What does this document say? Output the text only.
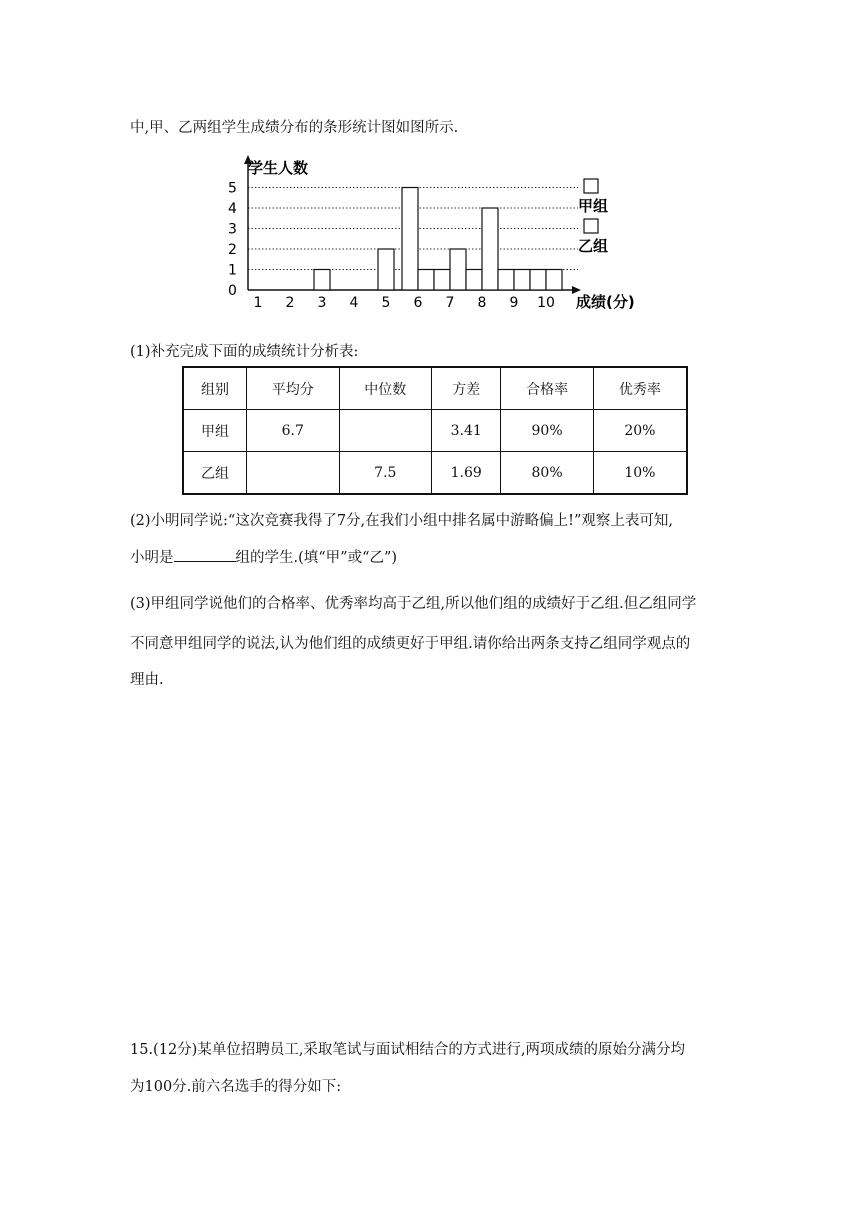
中,甲、乙两组学生成绩分布的条形统计图如图所示.
学生人数
成绩(分)
0
1
2
3
4
5
1 2 3 4 5 6 7 8 9 10
甲组
乙组
(1)补充完成下面的成绩统计分析表:
组别	平均分	中位数	方差	合格率	优秀率
甲组	6.7		3.41	90%	20%
乙组		7.5	1.69	80%	10%
(2)小明同学说:“这次竞赛我得了7分,在我们小组中排名属中游略偏上!”观察上表可知,
小明是	组的学生.(填“甲”或“乙”)
(3)甲组同学说他们的合格率、优秀率均高于乙组,所以他们组的成绩好于乙组.但乙组同学
不同意甲组同学的说法,认为他们组的成绩更好于甲组.请你给出两条支持乙组同学观点的
理由.
15.(12分)某单位招聘员工,采取笔试与面试相结合的方式进行,两项成绩的原始分满分均
为100分.前六名选手的得分如下:
